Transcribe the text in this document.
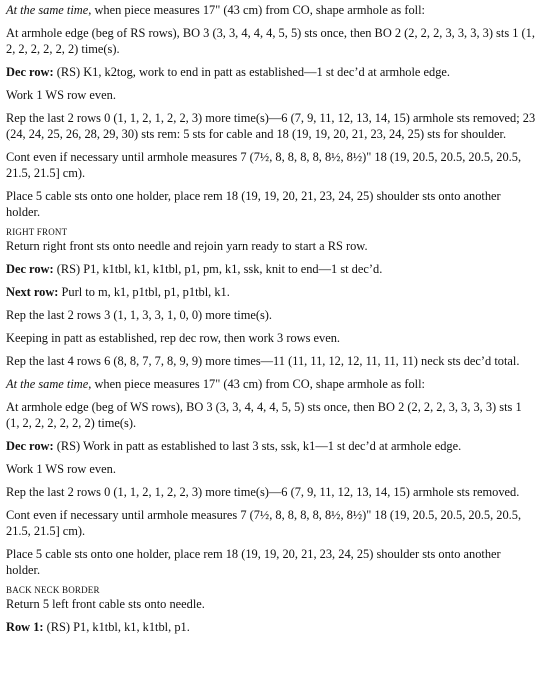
At the same time, when piece measures 17" (43 cm) from CO, shape armhole as foll:

At armhole edge (beg of RS rows), BO 3 (3, 3, 4, 4, 4, 5, 5) sts once, then BO 2 (2, 2, 2, 3, 3, 3, 3) sts 1 (1, 2, 2, 2, 2, 2, 2) time(s).

Dec row: (RS) K1, k2tog, work to end in patt as established—1 st dec’d at armhole edge.

Work 1 WS row even.

Rep the last 2 rows 0 (1, 1, 2, 1, 2, 2, 3) more time(s)—6 (7, 9, 11, 12, 13, 14, 15) armhole sts removed; 23 (24, 24, 25, 26, 28, 29, 30) sts rem: 5 sts for cable and 18 (19, 19, 20, 21, 23, 24, 25) sts for shoulder.

Cont even if necessary until armhole measures 7 (7½, 8, 8, 8, 8, 8½, 8½)" 18 (19, 20.5, 20.5, 20.5, 20.5, 21.5, 21.5] cm).

Place 5 cable sts onto one holder, place rem 18 (19, 19, 20, 21, 23, 24, 25) shoulder sts onto another holder.

RIGHT FRONT

Return right front sts onto needle and rejoin yarn ready to start a RS row.

Dec row: (RS) P1, k1tbl, k1, k1tbl, p1, pm, k1, ssk, knit to end—1 st dec’d.

Next row: Purl to m, k1, p1tbl, p1, p1tbl, k1.

Rep the last 2 rows 3 (1, 1, 3, 3, 1, 0, 0) more time(s).

Keeping in patt as established, rep dec row, then work 3 rows even.

Rep the last 4 rows 6 (8, 8, 7, 7, 8, 9, 9) more times—11 (11, 11, 12, 12, 11, 11, 11) neck sts dec’d total.

At the same time, when piece measures 17" (43 cm) from CO, shape armhole as foll:

At armhole edge (beg of WS rows), BO 3 (3, 3, 4, 4, 4, 5, 5) sts once, then BO 2 (2, 2, 2, 3, 3, 3, 3) sts 1 (1, 2, 2, 2, 2, 2, 2) time(s).

Dec row: (RS) Work in patt as established to last 3 sts, ssk, k1—1 st dec’d at armhole edge.

Work 1 WS row even.

Rep the last 2 rows 0 (1, 1, 2, 1, 2, 2, 3) more time(s)—6 (7, 9, 11, 12, 13, 14, 15) armhole sts removed.

Cont even if necessary until armhole measures 7 (7½, 8, 8, 8, 8, 8½, 8½)" 18 (19, 20.5, 20.5, 20.5, 20.5, 21.5, 21.5] cm).

Place 5 cable sts onto one holder, place rem 18 (19, 19, 20, 21, 23, 24, 25) shoulder sts onto another holder.

BACK NECK BORDER

Return 5 left front cable sts onto needle.

Row 1: (RS) P1, k1tbl, k1, k1tbl, p1.
